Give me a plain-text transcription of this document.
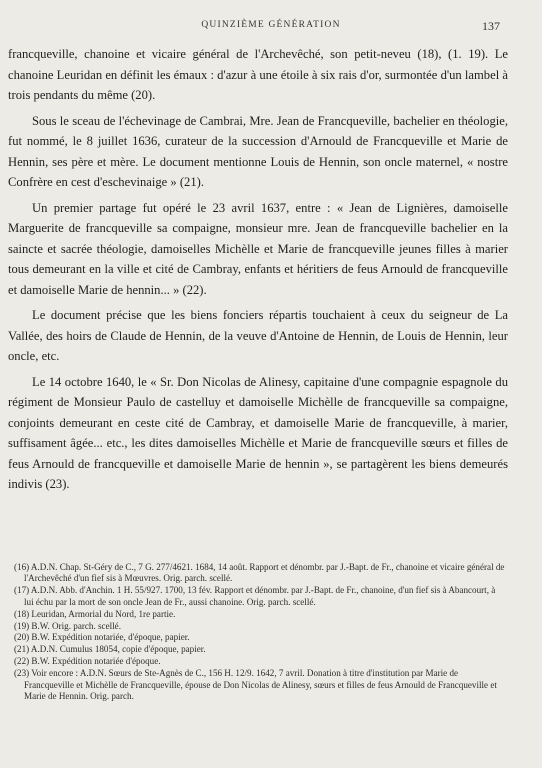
QUINZIÈME GÉNÉRATION	137

francqueville, chanoine et vicaire général de l'Archevêché, son petit-neveu (18), (1. 19). Le chanoine Leuridan en définit les émaux : d'azur à une étoile à six rais d'or, surmontée d'un lambel à trois pendants du même (20).

Sous le sceau de l'échevinage de Cambrai, Mre. Jean de Francqueville, bachelier en théologie, fut nommé, le 8 juillet 1636, curateur de la succession d'Arnould de Francqueville et Marie de Hennin, ses père et mère. Le document mentionne Louis de Hennin, son oncle maternel, « nostre Confrère en cest d'eschevinaige » (21).

Un premier partage fut opéré le 23 avril 1637, entre : « Jean de Lignières, damoiselle Marguerite de francqueville sa compaigne, monsieur mre. Jean de francqueville bachelier en la saincte et sacrée théologie, damoiselles Michèlle et Marie de francqueville jeunes filles à marier tous demeurant en la ville et cité de Cambray, enfants et héritiers de feus Arnould de francqueville et damoiselle Marie de hennin... » (22).

Le document précise que les biens fonciers répartis touchaient à ceux du seigneur de La Vallée, des hoirs de Claude de Hennin, de la veuve d'Antoine de Hennin, de Louis de Hennin, leur oncle, etc.

Le 14 octobre 1640, le « Sr. Don Nicolas de Alinesy, capitaine d'une compagnie espagnole du régiment de Monsieur Paulo de castelluy et damoiselle Michèlle de francqueville sa compaigne, conjoints demeurant en ceste cité de Cambray, et damoiselle Marie de francqueville, à marier, suffisament âgée... etc., les dites damoiselles Michèlle et Marie de francqueville sœurs et filles de feus Arnould de francqueville et damoiselle Marie de hennin », se partagèrent les biens demeurés indivis (23).

(16) A.D.N. Chap. St-Géry de C., 7 G. 277/4621. 1684, 14 août. Rapport et dénombr. par J.-Bapt. de Fr., chanoine et vicaire général de l'Archevêché d'un fief sis à Mœuvres. Orig. parch. scellé.

(17) A.D.N. Abb. d'Anchin. 1 H. 55/927. 1700, 13 fév. Rapport et dénombr. par J.-Bapt. de Fr., chanoine, d'un fief sis à Abancourt, à lui échu par la mort de son oncle Jean de Fr., aussi chanoine. Orig. parch. scellé.

(18) Leuridan, Armorial du Nord, 1re partie.

(19) B.W. Orig. parch. scellé.

(20) B.W. Expédition notariée, d'époque, papier.

(21) A.D.N. Cumulus 18054, copie d'époque, papier.

(22) B.W. Expédition notariée d'époque.

(23) Voir encore : A.D.N. Sœurs de Ste-Agnès de C., 156 H. 12/9. 1642, 7 avril. Donation à titre d'institution par Marie de Francqueville et Michèlle de Francqueville, épouse de Don Nicolas de Alinesy, sœurs et filles de feus Arnould de Francqueville et Marie de Hennin. Orig. parch.
